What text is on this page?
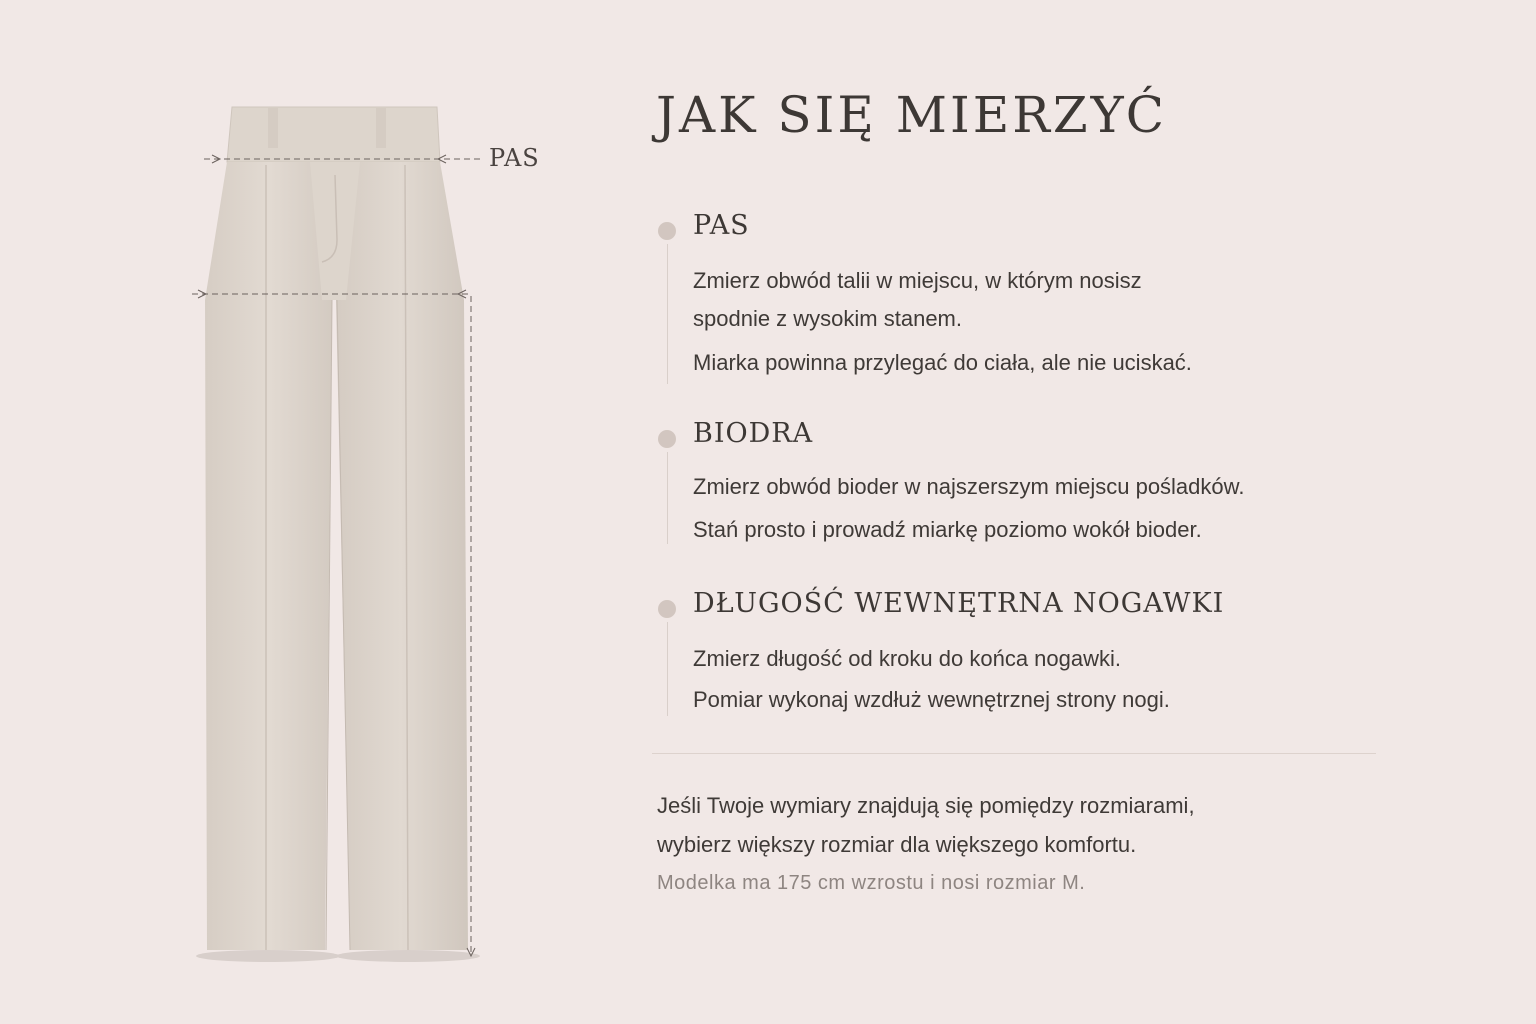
PAS
JAK SIĘ MIERZYĆ
PAS

Zmierz obwód talii w miejscu, w którym nosisz

spodnie z wysokim stanem.

Miarka powinna przylegać do ciała, ale nie uciskać.

BIODRA

Zmierz obwód bioder w najszerszym miejscu pośladków.

Stań prosto i prowadź miarkę poziomo wokół bioder.

DŁUGOŚĆ WEWNĘTRNA NOGAWKI

Zmierz długość od kroku do końca nogawki.

Pomiar wykonaj wzdłuż wewnętrznej strony nogi.

Jeśli Twoje wymiary znajdują się pomiędzy rozmiarami,
wybierz większy rozmiar dla większego komfortu.

Modelka ma 175 cm wzrostu i nosi rozmiar M.
